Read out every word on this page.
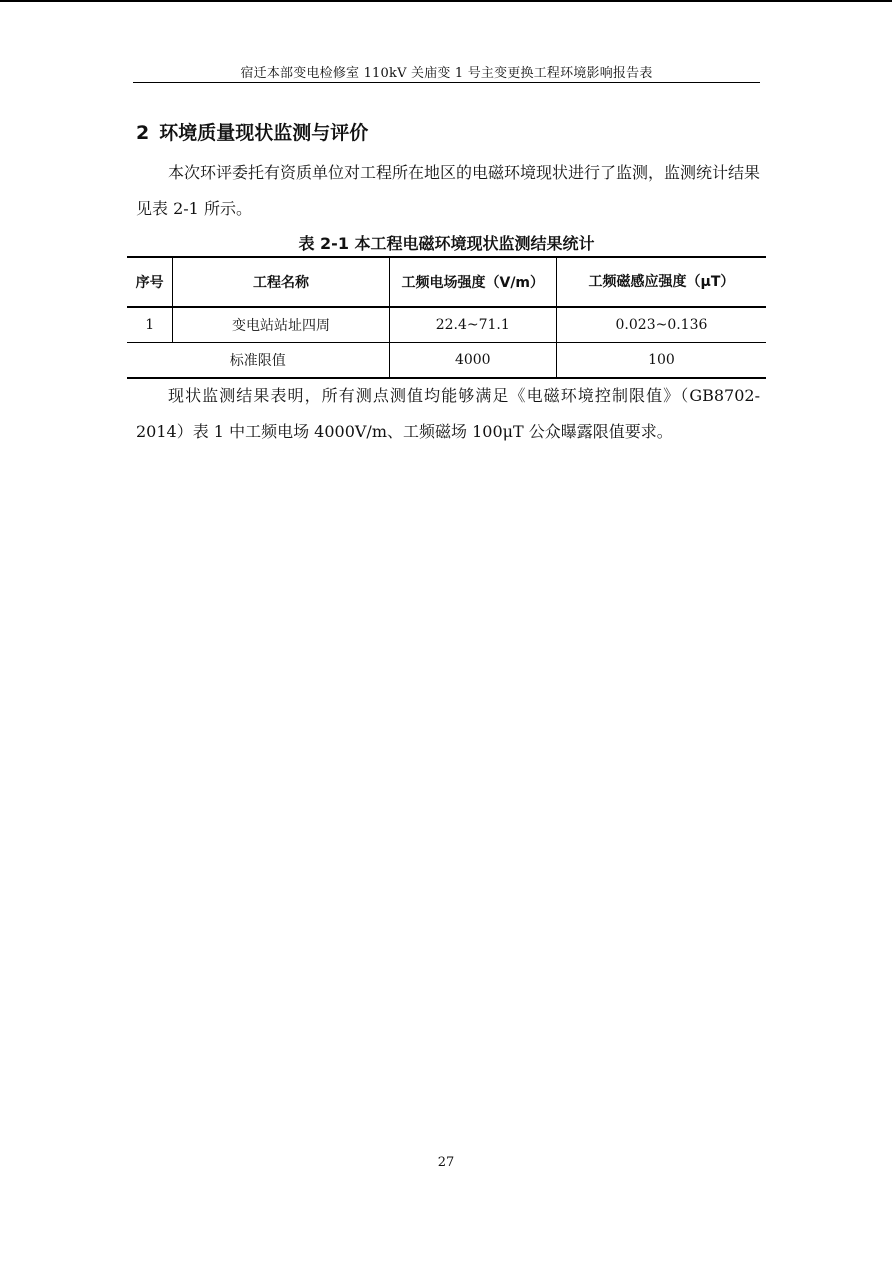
宿迁本部变电检修室 110kV 关庙变 1 号主变更换工程环境影响报告表
2 环境质量现状监测与评价
本次环评委托有资质单位对工程所在地区的电磁环境现状进行了监测，监测统计结果见表 2-1 所示。
表 2-1 本工程电磁环境现状监测结果统计
序号	工程名称	工频电场强度（V/m）	工频磁感应强度（μT）
1	变电站站址四周	22.4~71.1	0.023~0.136
标准限值		4000	100
现状监测结果表明，所有测点测值均能够满足《电磁环境控制限值》（GB8702-2014）表 1 中工频电场 4000V/m、工频磁场 100μT 公众曝露限值要求。
27
